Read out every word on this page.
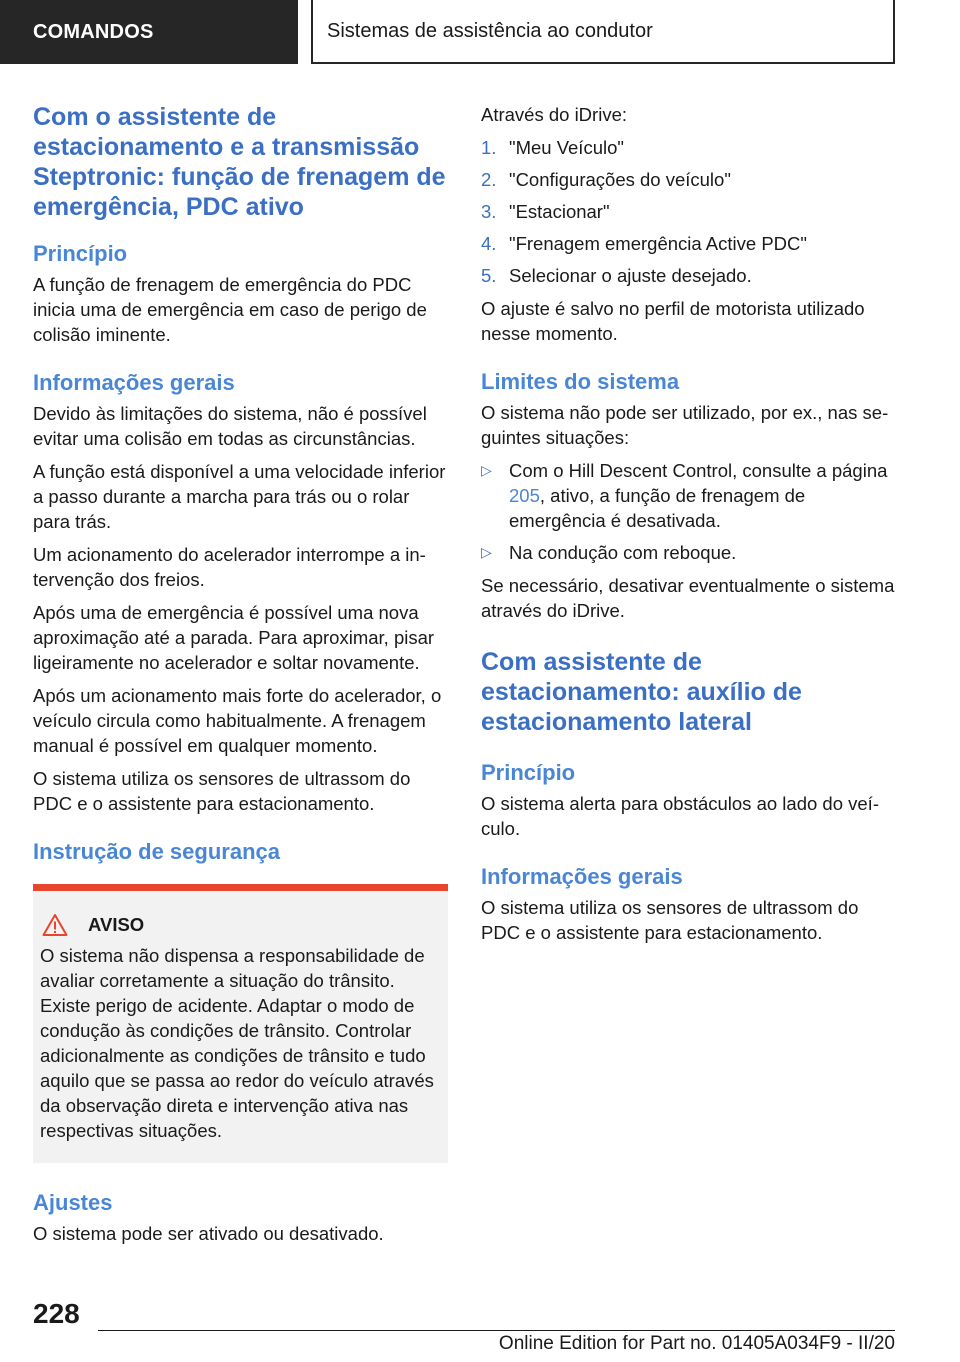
COMANDOS	Sistemas de assistência ao condutor
Com o assistente de estacionamento e a transmissão Steptronic: função de frenagem de emergência, PDC ativo
Princípio

A função de frenagem de emergência do PDC inicia uma de emergência em caso de perigo de colisão iminente.

Informações gerais

Devido às limitações do sistema, não é possível evitar uma colisão em todas as circunstâncias.

A função está disponível a uma velocidade inferior a passo durante a marcha para trás ou o rolar para trás.

Um acionamento do acelerador interrompe a intervenção dos freios.

Após uma de emergência é possível uma nova aproximação até a parada. Para aproximar, pisar ligeiramente no acelerador e soltar novamente.

Após um acionamento mais forte do acelerador, o veículo circula como habitualmente. A frenagem manual é possível em qualquer momento.

O sistema utiliza os sensores de ultrassom do PDC e o assistente para estacionamento.

Instrução de segurança
AVISO

O sistema não dispensa a responsabilidade de avaliar corretamente a situação do trânsito. Existe perigo de acidente. Adaptar o modo de condução às condições de trânsito. Controlar adicionalmente as condições de trânsito e tudo aquilo que se passa ao redor do veículo através da observação direta e intervenção ativa nas respectivas situações.

Ajustes

O sistema pode ser ativado ou desativado.

Através do iDrive:

1. "Meu Veículo"
2. "Configurações do veículo"
3. "Estacionar"
4. "Frenagem emergência Active PDC"
5. Selecionar o ajuste desejado.

O ajuste é salvo no perfil de motorista utilizado nesse momento.

Limites do sistema

O sistema não pode ser utilizado, por ex., nas seguintes situações:

▷ Com o Hill Descent Control, consulte a página 205, ativo, a função de frenagem de emergência é desativada.
▷ Na condução com reboque.

Se necessário, desativar eventualmente o sistema através do iDrive.

Com assistente de estacionamento: auxílio de estacionamento lateral
Princípio

O sistema alerta para obstáculos ao lado do veículo.

Informações gerais

O sistema utiliza os sensores de ultrassom do PDC e o assistente para estacionamento.

228
Online Edition for Part no. 01405A034F9 - II/20
